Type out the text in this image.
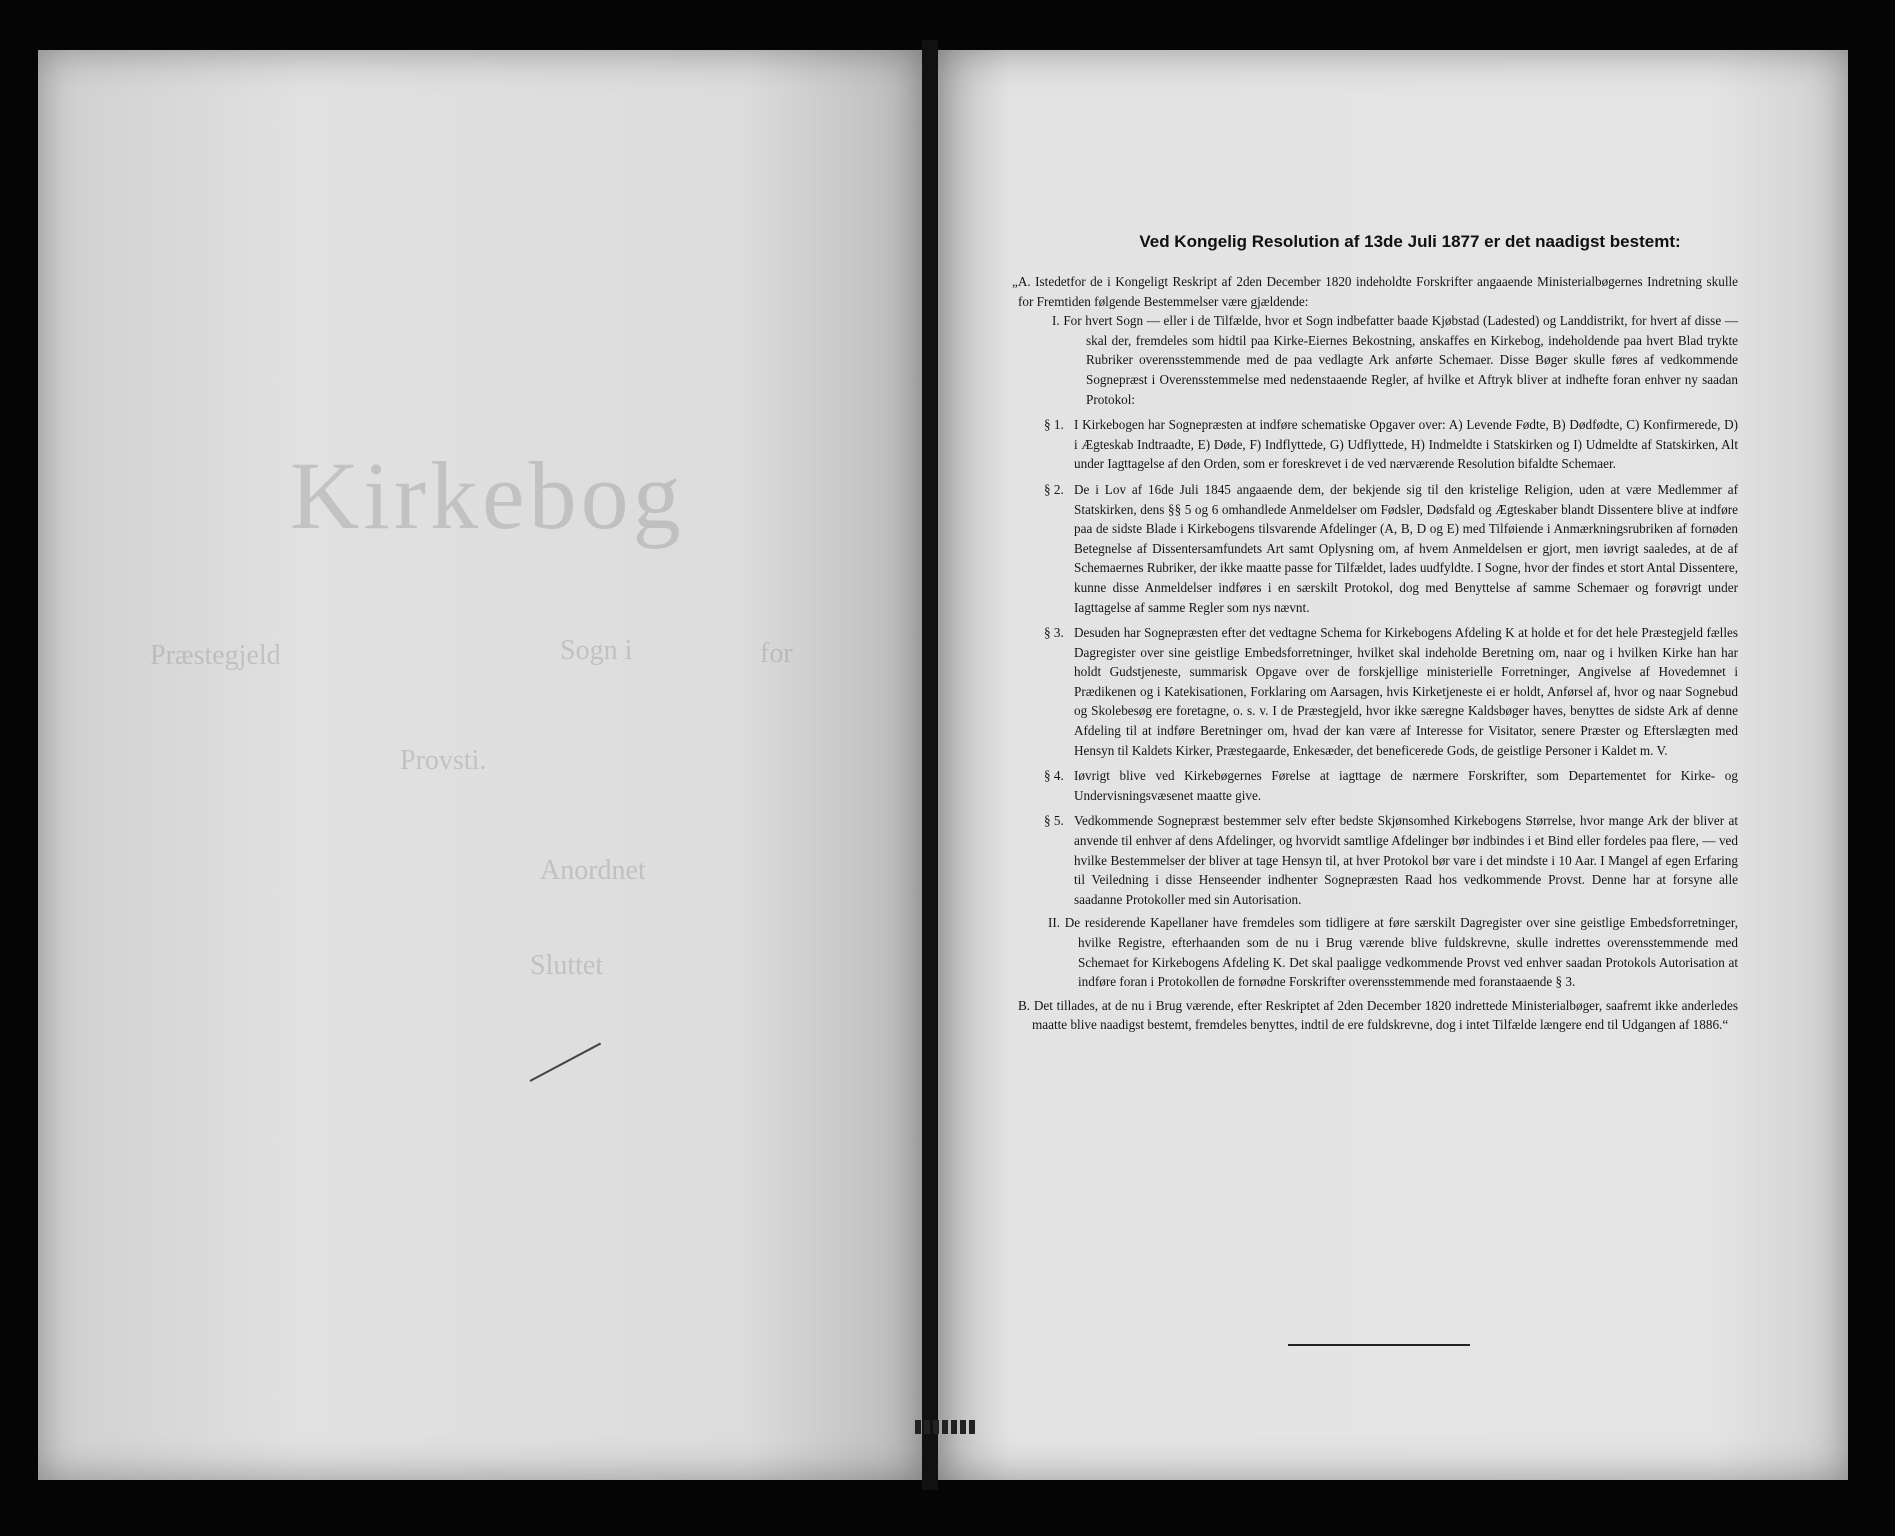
Kirkebog
Præstegjeld	Sogn i	for
Provsti.
Anordnet
Sluttet
Ved Kongelig Resolution af 13de Juli 1877 er det naadigst bestemt:

„A. Istedetfor de i Kongeligt Reskript af 2den December 1820 indeholdte Forskrifter angaaende Ministerialbøgernes Indretning skulle for Fremtiden følgende Bestemmelser være gjældende:

I. For hvert Sogn — eller i de Tilfælde, hvor et Sogn indbefatter baade Kjøbstad (Ladested) og Landdistrikt, for hvert af disse — skal der, fremdeles som hidtil paa Kirke-Eiernes Bekostning, anskaffes en Kirkebog, indeholdende paa hvert Blad trykte Rubriker overensstemmende med de paa vedlagte Ark anførte Schemaer. Disse Bøger skulle føres af vedkommende Sognepræst i Overensstemmelse med nedenstaaende Regler, af hvilke et Aftryk bliver at indhefte foran enhver ny saadan Protokol:

§ 1. I Kirkebogen har Sognepræsten at indføre schematiske Opgaver over: A) Levende Fødte, B) Dødfødte, C) Konfirmerede, D) i Ægteskab Indtraadte, E) Døde, F) Indflyttede, G) Udflyttede, H) Indmeldte i Statskirken og I) Udmeldte af Statskirken, Alt under Iagttagelse af den Orden, som er foreskrevet i de ved nærværende Resolution bifaldte Schemaer.
§ 2. De i Lov af 16de Juli 1845 angaaende dem, der bekjende sig til den kristelige Religion, uden at være Medlemmer af Statskirken, dens §§ 5 og 6 omhandlede Anmeldelser om Fødsler, Dødsfald og Ægteskaber blandt Dissentere blive at indføre paa de sidste Blade i Kirkebogens tilsvarende Afdelinger (A, B, D og E) med Tilføiende i Anmærkningsrubriken af fornøden Betegnelse af Dissentersamfundets Art samt Oplysning om, af hvem Anmeldelsen er gjort, men iøvrigt saaledes, at de af Schemaernes Rubriker, der ikke maatte passe for Tilfældet, lades uudfyldte. I Sogne, hvor der findes et stort Antal Dissentere, kunne disse Anmeldelser indføres i en særskilt Protokol, dog med Benyttelse af samme Schemaer og forøvrigt under Iagttagelse af samme Regler som nys nævnt.
§ 3. Desuden har Sognepræsten efter det vedtagne Schema for Kirkebogens Afdeling K at holde et for det hele Præstegjeld fælles Dagregister over sine geistlige Embedsforretninger, hvilket skal indeholde Beretning om, naar og i hvilken Kirke han har holdt Gudstjeneste, summarisk Opgave over de forskjellige ministerielle Forretninger, Angivelse af Hovedemnet i Prædikenen og i Katekisationen, Forklaring om Aarsagen, hvis Kirketjeneste ei er holdt, Anførsel af, hvor og naar Sognebud og Skolebesøg ere foretagne, o. s. v. I de Præstegjeld, hvor ikke særegne Kaldsbøger haves, benyttes de sidste Ark af denne Afdeling til at indføre Beretninger om, hvad der kan være af Interesse for Visitator, senere Præster og Efterslægten med Hensyn til Kaldets Kirker, Præstegaarde, Enkesæder, det beneficerede Gods, de geistlige Personer i Kaldet m. V.
§ 4. Iøvrigt blive ved Kirkebøgernes Førelse at iagttage de nærmere Forskrifter, som Departementet for Kirke- og Undervisningsvæsenet maatte give.
§ 5. Vedkommende Sognepræst bestemmer selv efter bedste Skjønsomhed Kirkebogens Størrelse, hvor mange Ark der bliver at anvende til enhver af dens Afdelinger, og hvorvidt samtlige Afdelinger bør indbindes i et Bind eller fordeles paa flere, — ved hvilke Bestemmelser der bliver at tage Hensyn til, at hver Protokol bør vare i det mindste i 10 Aar. I Mangel af egen Erfaring til Veiledning i disse Henseender indhenter Sognepræsten Raad hos vedkommende Provst. Denne har at forsyne alle saadanne Protokoller med sin Autorisation.

II. De residerende Kapellaner have fremdeles som tidligere at føre særskilt Dagregister over sine geistlige Embedsforretninger, hvilke Registre, efterhaanden som de nu i Brug værende blive fuldskrevne, skulle indrettes overensstemmende med Schemaet for Kirkebogens Afdeling K. Det skal paaligge vedkommende Provst ved enhver saadan Protokols Autorisation at indføre foran i Protokollen de fornødne Forskrifter overensstemmende med foranstaaende § 3.

B. Det tillades, at de nu i Brug værende, efter Reskriptet af 2den December 1820 indrettede Ministerialbøger, saafremt ikke anderledes maatte blive naadigst bestemt, fremdeles benyttes, indtil de ere fuldskrevne, dog i intet Tilfælde længere end til Udgangen af 1886.“
